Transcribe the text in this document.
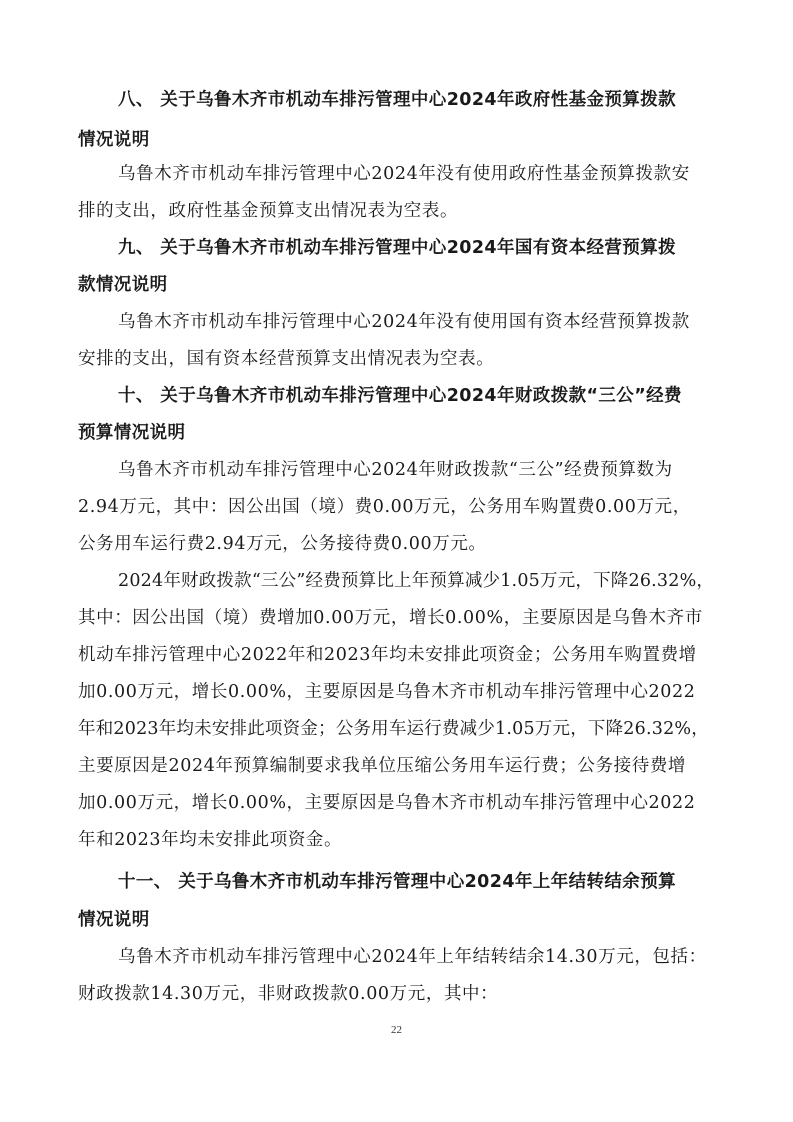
八、 关于乌鲁木齐市机动车排污管理中心2024年政府性基金预算拨款
情况说明
乌鲁木齐市机动车排污管理中心2024年没有使用政府性基金预算拨款安
排的支出，政府性基金预算支出情况表为空表。
九、 关于乌鲁木齐市机动车排污管理中心2024年国有资本经营预算拨
款情况说明
乌鲁木齐市机动车排污管理中心2024年没有使用国有资本经营预算拨款
安排的支出，国有资本经营预算支出情况表为空表。
十、 关于乌鲁木齐市机动车排污管理中心2024年财政拨款“三公”经费
预算情况说明
乌鲁木齐市机动车排污管理中心2024年财政拨款“三公”经费预算数为
2.94万元，其中：因公出国（境）费0.00万元，公务用车购置费0.00万元，
公务用车运行费2.94万元，公务接待费0.00万元。
2024年财政拨款“三公”经费预算比上年预算减少1.05万元，下降26.32%，
其中：因公出国（境）费增加0.00万元，增长0.00%，主要原因是乌鲁木齐市
机动车排污管理中心2022年和2023年均未安排此项资金；公务用车购置费增
加0.00万元，增长0.00%，主要原因是乌鲁木齐市机动车排污管理中心2022
年和2023年均未安排此项资金；公务用车运行费减少1.05万元，下降26.32%，
主要原因是2024年预算编制要求我单位压缩公务用车运行费；公务接待费增
加0.00万元，增长0.00%，主要原因是乌鲁木齐市机动车排污管理中心2022
年和2023年均未安排此项资金。
十一、 关于乌鲁木齐市机动车排污管理中心2024年上年结转结余预算
情况说明
乌鲁木齐市机动车排污管理中心2024年上年结转结余14.30万元，包括：
财政拨款14.30万元，非财政拨款0.00万元，其中：
22
